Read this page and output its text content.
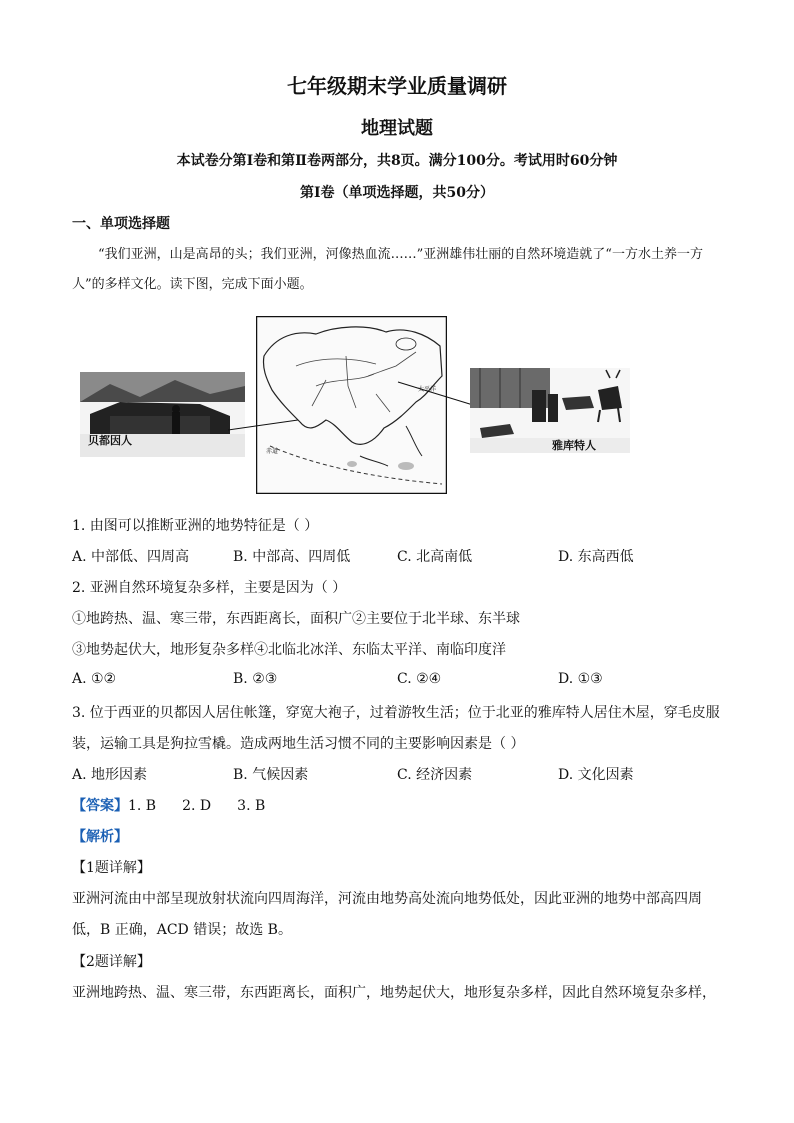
七年级期末学业质量调研
地理试题
本试卷分第Ⅰ卷和第Ⅱ卷两部分，共8页。满分100分。考试用时60分钟
第Ⅰ卷（单项选择题，共50分）
一、单项选择题
“我们亚洲，山是高昂的头；我们亚洲，河像热血流……”亚洲雄伟壮丽的自然环境造就了“一方水土养一方人”的多样文化。读下图，完成下面小题。
贝都因人
太平洋
赤道	雅库特人
1. 由图可以推断亚洲的地势特征是（ ）
A. 中部低、四周高	B. 中部高、四周低	C. 北高南低	D. 东高西低
2. 亚洲自然环境复杂多样，主要是因为（ ）
①地跨热、温、寒三带，东西距离长，面积广②主要位于北半球、东半球
③地势起伏大，地形复杂多样④北临北冰洋、东临太平洋、南临印度洋
A. ①②	B. ②③	C. ②④	D. ①③
3. 位于西亚的贝都因人居住帐篷，穿宽大袍子，过着游牧生活；位于北亚的雅库特人居住木屋，穿毛皮服
装，运输工具是狗拉雪橇。造成两地生活习惯不同的主要影响因素是（ ）
A. 地形因素	B. 气候因素	C. 经济因素	D. 文化因素
【答案】1. B 2. D 3. B
【解析】
【1题详解】
亚洲河流由中部呈现放射状流向四周海洋，河流由地势高处流向地势低处，因此亚洲的地势中部高四周
低，B 正确，ACD 错误；故选 B。
【2题详解】
亚洲地跨热、温、寒三带，东西距离长，面积广，地势起伏大，地形复杂多样，因此自然环境复杂多样，
